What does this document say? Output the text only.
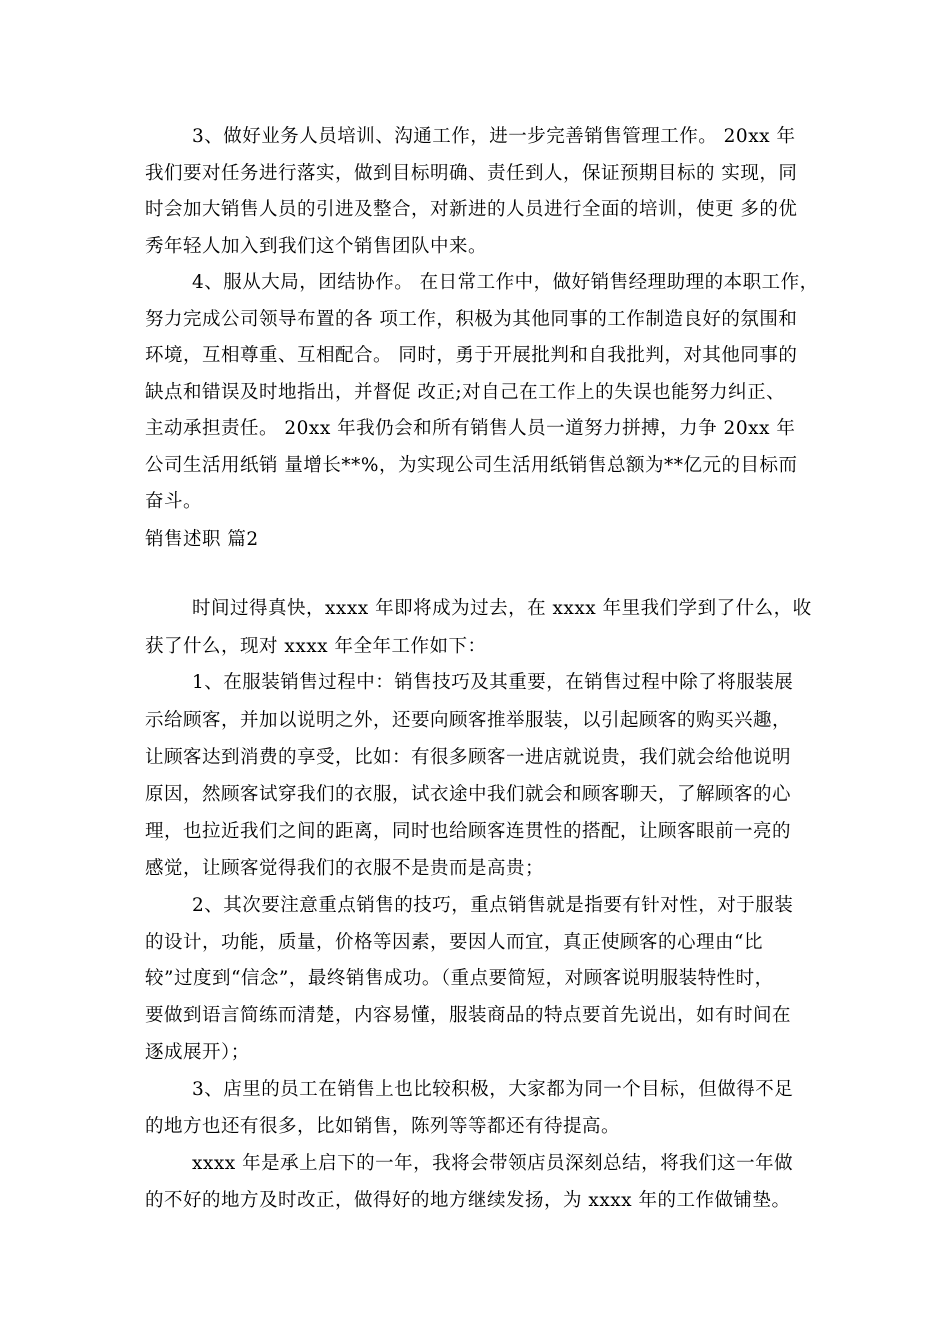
3、做好业务人员培训、沟通工作，进一步完善销售管理工作。 20xx 年
我们要对任务进行落实，做到目标明确、责任到人，保证预期目标的 实现，同
时会加大销售人员的引进及整合，对新进的人员进行全面的培训，使更 多的优
秀年轻人加入到我们这个销售团队中来。
4、服从大局，团结协作。 在日常工作中，做好销售经理助理的本职工作，
努力完成公司领导布置的各 项工作，积极为其他同事的工作制造良好的氛围和
环境，互相尊重、互相配合。 同时，勇于开展批判和自我批判，对其他同事的
缺点和错误及时地指出，并督促 改正;对自己在工作上的失误也能努力纠正、
主动承担责任。 20xx 年我仍会和所有销售人员一道努力拼搏，力争 20xx 年
公司生活用纸销 量增长**%，为实现公司生活用纸销售总额为**亿元的目标而
奋斗。
销售述职 篇2
时间过得真快，xxxx 年即将成为过去，在 xxxx 年里我们学到了什么，收
获了什么，现对 xxxx 年全年工作如下：
1、在服装销售过程中：销售技巧及其重要，在销售过程中除了将服装展
示给顾客，并加以说明之外，还要向顾客推举服装，以引起顾客的购买兴趣，
让顾客达到消费的享受，比如：有很多顾客一进店就说贵，我们就会给他说明
原因，然顾客试穿我们的衣服，试衣途中我们就会和顾客聊天，了解顾客的心
理，也拉近我们之间的距离，同时也给顾客连贯性的搭配，让顾客眼前一亮的
感觉，让顾客觉得我们的衣服不是贵而是高贵；
2、其次要注意重点销售的技巧，重点销售就是指要有针对性，对于服装
的设计，功能，质量，价格等因素，要因人而宜，真正使顾客的心理由“比
较”过度到“信念”，最终销售成功。（重点要简短，对顾客说明服装特性时，
要做到语言简练而清楚，内容易懂，服装商品的特点要首先说出，如有时间在
逐成展开）；
3、店里的员工在销售上也比较积极，大家都为同一个目标，但做得不足
的地方也还有很多，比如销售，陈列等等都还有待提高。
xxxx 年是承上启下的一年，我将会带领店员深刻总结，将我们这一年做
的不好的地方及时改正，做得好的地方继续发扬，为 xxxx 年的工作做铺垫。
